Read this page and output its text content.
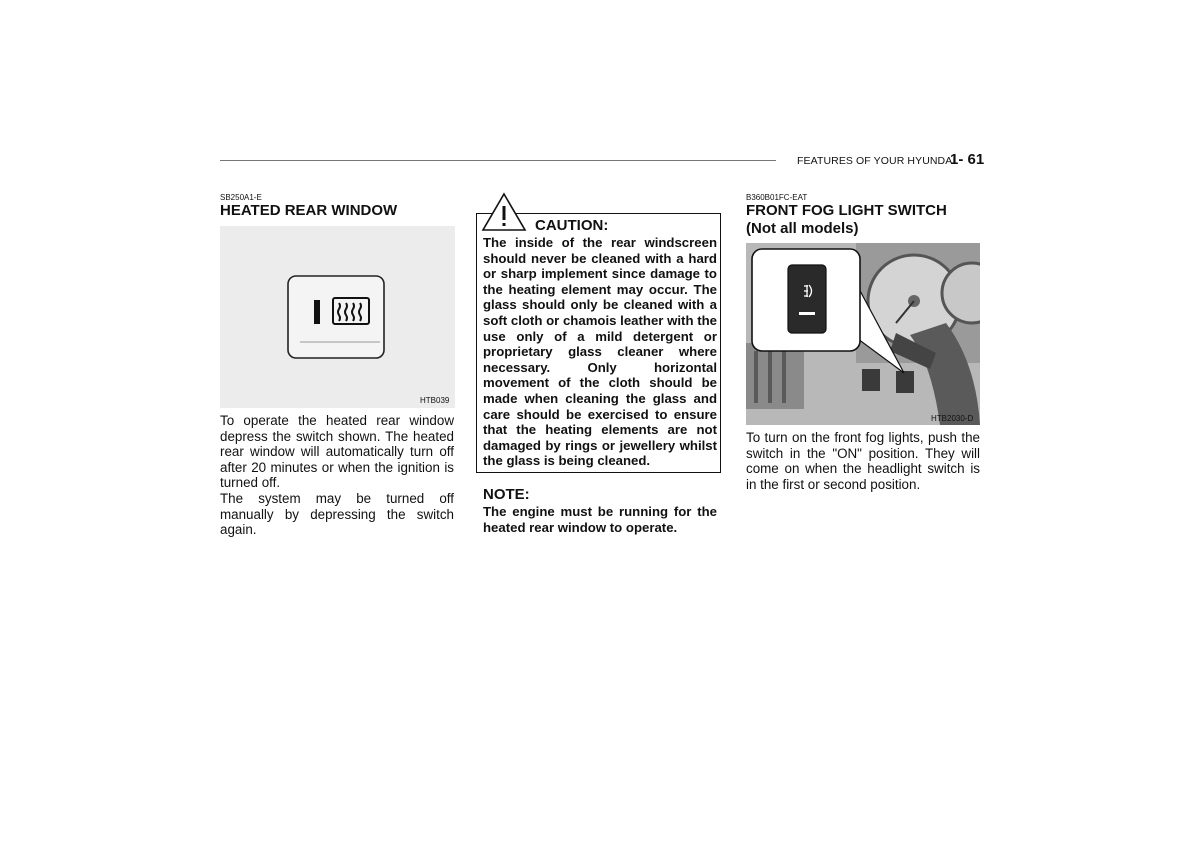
FEATURES OF YOUR HYUNDAI
1- 61
SB250A1-E
HEATED REAR WINDOW
HTB039

To operate the heated rear window depress the switch shown. The heated rear window will automatically turn off after 20 minutes or when the ignition is turned off.

The system may be turned off manually by depressing the switch again.

CAUTION:
The inside of the rear windscreen should never be cleaned with a hard or sharp implement since damage to the heating element may occur. The glass should only be cleaned with a soft cloth or chamois leather with the use only of a mild detergent or proprietary glass cleaner where necessary. Only horizontal movement of the cloth should be made when cleaning the glass and care should be exercised to ensure that the heating elements are not damaged by rings or jewellery whilst the glass is being cleaned.
NOTE:
The engine must be running for the heated rear window to operate.
B360B01FC-EAT
FRONT FOG LIGHT SWITCH
(Not all models)
HTB2030-D
To turn on the front fog lights, push the switch in the "ON" position. They will come on when the headlight switch is in the first or second position.
